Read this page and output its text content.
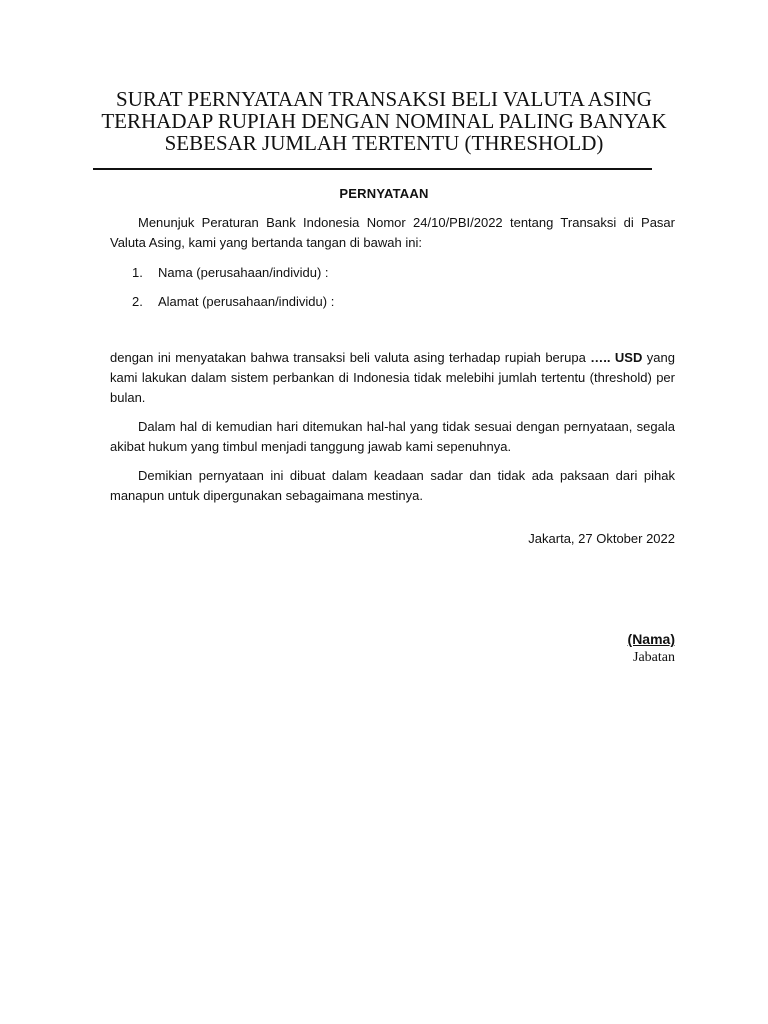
SURAT PERNYATAAN TRANSAKSI BELI VALUTA ASING
TERHADAP RUPIAH DENGAN NOMINAL PALING BANYAK
SEBESAR JUMLAH TERTENTU (THRESHOLD)
PERNYATAAN

Menunjuk Peraturan Bank Indonesia Nomor 24/10/PBI/2022 tentang Transaksi di Pasar Valuta Asing, kami yang bertanda tangan di bawah ini:

1.	Nama (perusahaan/individu) :
2.	Alamat (perusahaan/individu) :

dengan ini menyatakan bahwa transaksi beli valuta asing terhadap rupiah berupa ….. USD yang kami lakukan dalam sistem perbankan di Indonesia tidak melebihi jumlah tertentu (threshold) per bulan.

Dalam hal di kemudian hari ditemukan hal-hal yang tidak sesuai dengan pernyataan, segala akibat hukum yang timbul menjadi tanggung jawab kami sepenuhnya.

Demikian pernyataan ini dibuat dalam keadaan sadar dan tidak ada paksaan dari pihak manapun untuk dipergunakan sebagaimana mestinya.

Jakarta, 27 Oktober 2022
(Nama)
Jabatan
